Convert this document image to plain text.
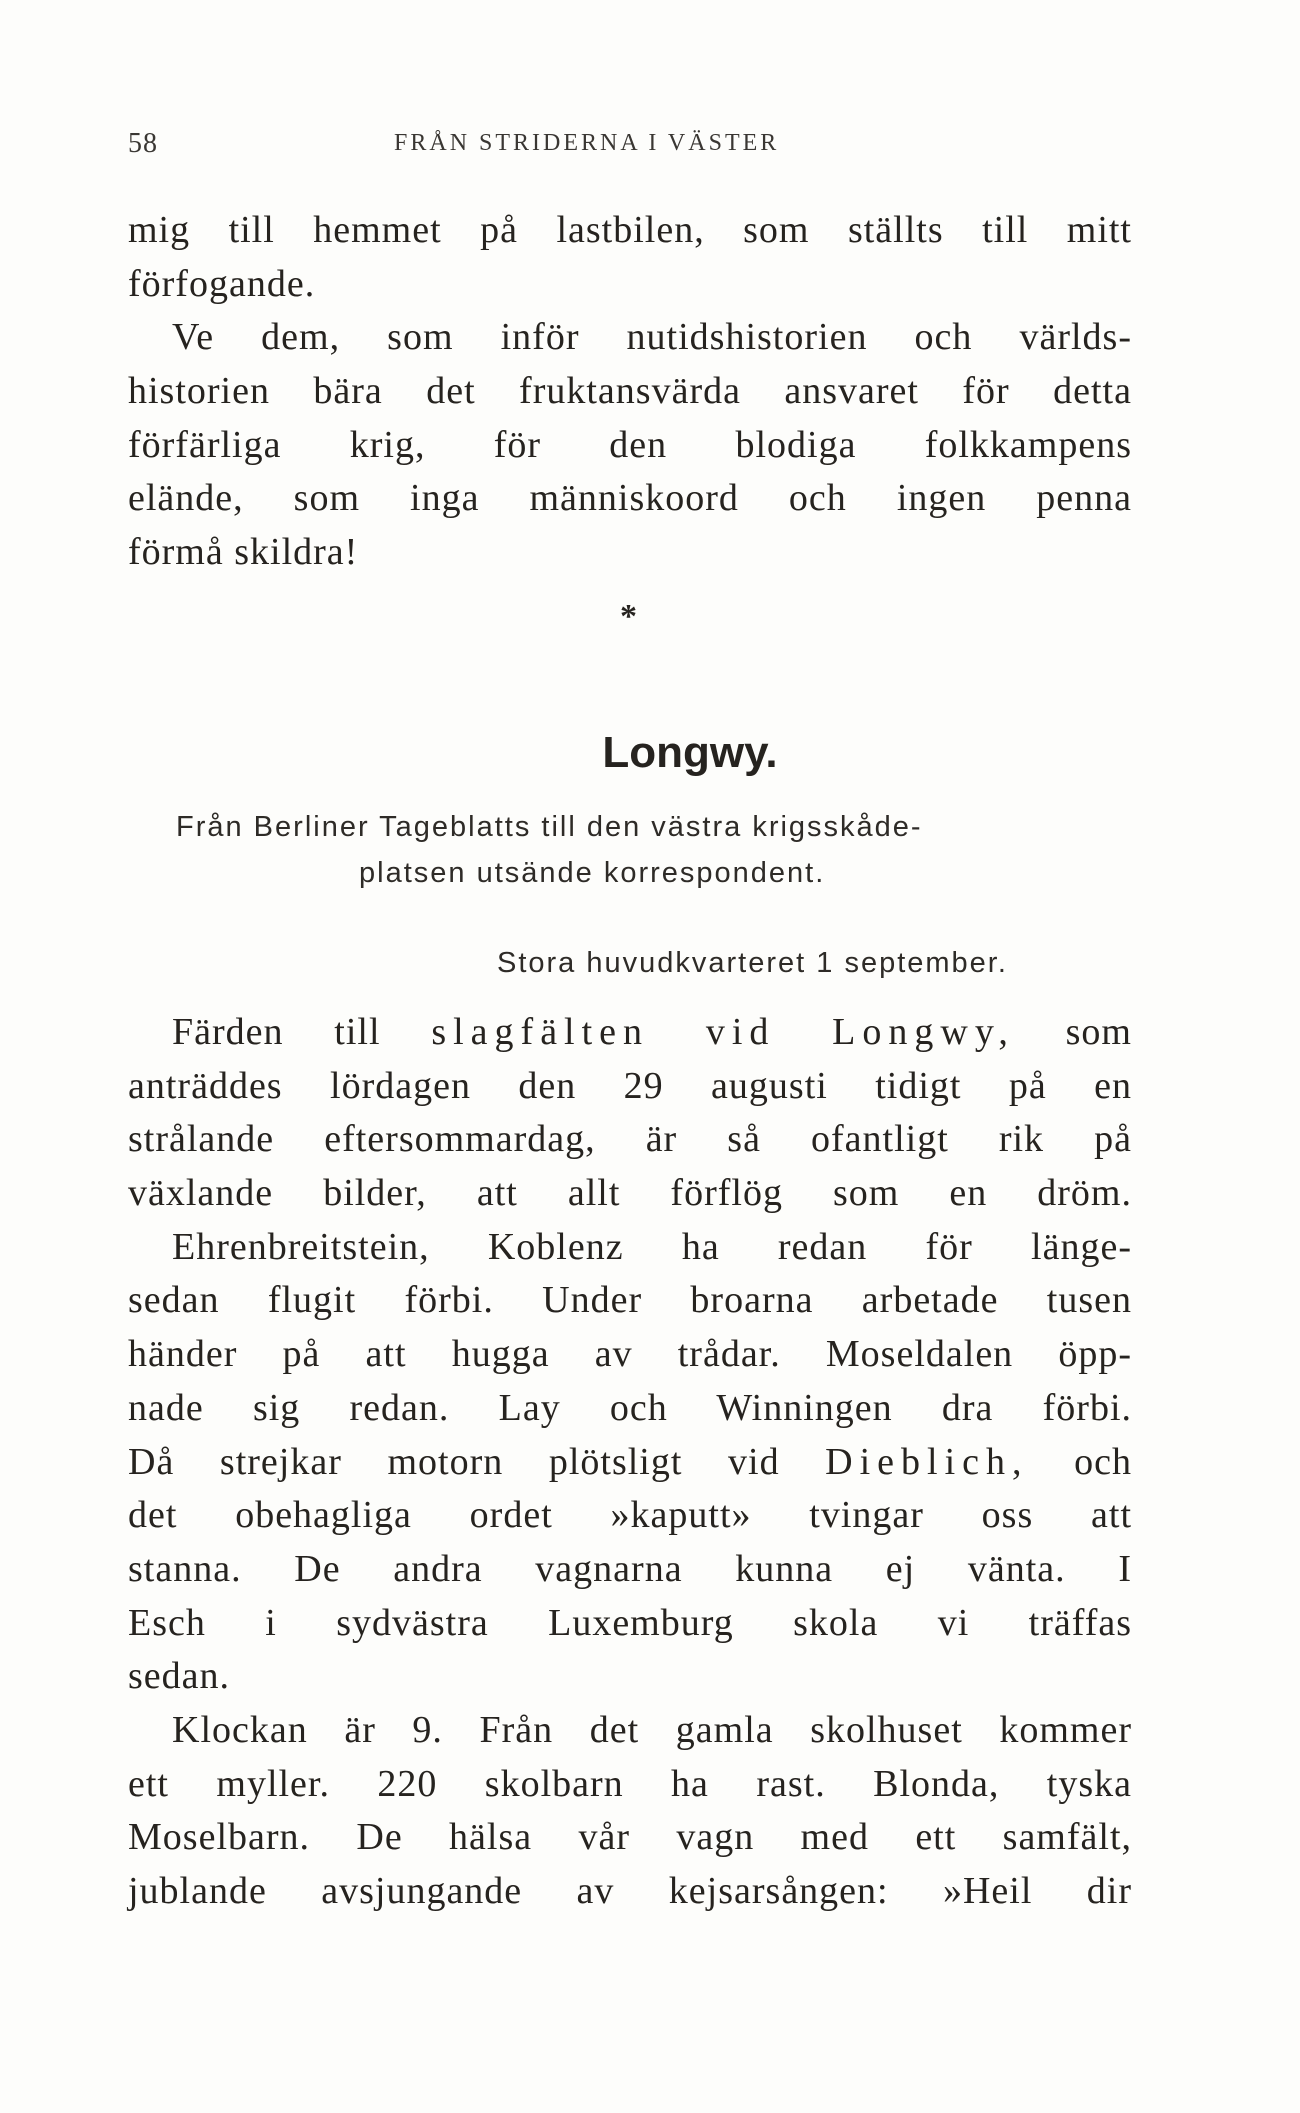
58	FRÅN STRIDERNA I VÄSTER
mig till hemmet på lastbilen, som ställts till mitt
förfogande.
Ve dem, som inför nutidshistorien och världs-
historien bära det fruktansvärda ansvaret för detta
förfärliga krig, för den blodiga folkkampens
elände, som inga människoord och ingen penna
förmå skildra!
*
Longwy.
Från Berliner Tageblatts till den västra krigsskåde-
platsen utsände korrespondent.
Stora huvudkvarteret 1 september.
Färden till slagfälten vid Longwy, som
anträddes lördagen den 29 augusti tidigt på en
strålande eftersommardag, är så ofantligt rik på
växlande bilder, att allt förflög som en dröm.
Ehrenbreitstein, Koblenz ha redan för länge-
sedan flugit förbi. Under broarna arbetade tusen
händer på att hugga av trådar. Moseldalen öpp-
nade sig redan. Lay och Winningen dra förbi.
Då strejkar motorn plötsligt vid Dieblich, och
det obehagliga ordet »kaputt» tvingar oss att
stanna. De andra vagnarna kunna ej vänta. I
Esch i sydvästra Luxemburg skola vi träffas
sedan.
Klockan är 9. Från det gamla skolhuset kommer
ett myller. 220 skolbarn ha rast. Blonda, tyska
Moselbarn. De hälsa vår vagn med ett samfält,
jublande avsjungande av kejsarsången: »Heil dir
